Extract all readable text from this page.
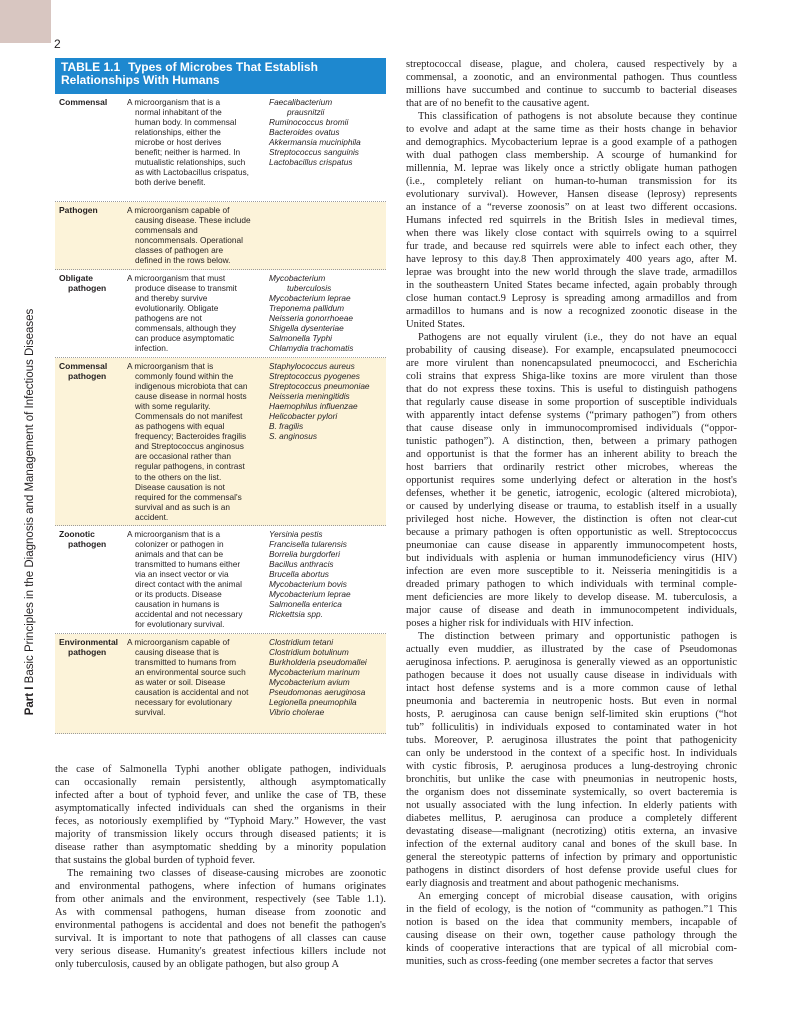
2
Part I Basic Principles in the Diagnosis and Management of Infectious Diseases
TABLE 1.1 Types of Microbes That Establish
Relationships With Humans
Commensal	A microorganism that is a
normal inhabitant of the
human body. In commensal
relationships, either the
microbe or host derives
benefit; neither is harmed. In
mutualistic relationships, such
as with Lactobacillus crispatus,
both derive benefit.
Faecalibacterium
prausnitzii
Ruminococcus bromii
Bacteroides ovatus
Akkermansia muciniphila
Streptococcus sanguinis
Lactobacillus crispatus
Pathogen	A microorganism capable of
causing disease. These include
commensals and
noncommensals. Operational
classes of pathogen are
defined in the rows below.
Obligate
pathogen
A microorganism that must
produce disease to transmit
and thereby survive
evolutionarily. Obligate
pathogens are not
commensals, although they
can produce asymptomatic
infection.
Mycobacterium
tuberculosis
Mycobacterium leprae
Treponema pallidum
Neisseria gonorrhoeae
Shigella dysenteriae
Salmonella Typhi
Chlamydia trachomatis
Commensal
pathogen
A microorganism that is
commonly found within the
indigenous microbiota that can
cause disease in normal hosts
with some regularity.
Commensals do not manifest
as pathogens with equal
frequency; Bacteroides fragilis
and Streptococcus anginosus
are occasional rather than
regular pathogens, in contrast
to the others on the list.
Disease causation is not
required for the commensal's
survival and as such is an
accident.
Staphylococcus aureus
Streptococcus pyogenes
Streptococcus pneumoniae
Neisseria meningitidis
Haemophilus influenzae
Helicobacter pylori
B. fragilis
S. anginosus
Zoonotic
pathogen
A microorganism that is a
colonizer or pathogen in
animals and that can be
transmitted to humans either
via an insect vector or via
direct contact with the animal
or its products. Disease
causation in humans is
accidental and not necessary
for evolutionary survival.
Yersinia pestis
Francisella tularensis
Borrelia burgdorferi
Bacillus anthracis
Brucella abortus
Mycobacterium bovis
Mycobacterium leprae
Salmonella enterica
Rickettsia spp.
Environmental
pathogen
A microorganism capable of
causing disease that is
transmitted to humans from
an environmental source such
as water or soil. Disease
causation is accidental and not
necessary for evolutionary
survival.
Clostridium tetani
Clostridium botulinum
Burkholderia pseudomallei
Mycobacterium marinum
Mycobacterium avium
Pseudomonas aeruginosa
Legionella pneumophila
Vibrio cholerae
the case of Salmonella Typhi another obligate pathogen, individuals
can occasionally remain persistently, although asymptomatically
infected after a bout of typhoid fever, and unlike the case of TB, these
asymptomatically infected individuals can shed the organisms in their
feces, as notoriously exemplified by “Typhoid Mary.” However, the vast
majority of transmission likely occurs through diseased patients; it is
disease rather than asymptomatic shedding by a minority population
that sustains the global burden of typhoid fever.
The remaining two classes of disease-causing microbes are zoonotic
and environmental pathogens, where infection of humans originates
from other animals and the environment, respectively (see Table 1.1).
As with commensal pathogens, human disease from zoonotic and
environmental pathogens is accidental and does not benefit the pathogen's
survival. It is important to note that pathogens of all classes can cause
very serious disease. Humanity's greatest infectious killers include not
only tuberculosis, caused by an obligate pathogen, but also group A
streptococcal disease, plague, and cholera, caused respectively by a
commensal, a zoonotic, and an environmental pathogen. Thus countless
millions have succumbed and continue to succumb to bacterial diseases
that are of no benefit to the causative agent.
This classification of pathogens is not absolute because they continue
to evolve and adapt at the same time as their hosts change in behavior
and demographics. Mycobacterium leprae is a good example of a pathogen
with dual pathogen class membership. A scourge of humankind for
millennia, M. leprae was likely once a strictly obligate human pathogen
(i.e., completely reliant on human-to-human transmission for its
evolutionary survival). However, Hansen disease (leprosy) represents
an instance of a “reverse zoonosis” on at least two different occasions.
Humans infected red squirrels in the British Isles in medieval times,
when there was likely close contact with squirrels owing to a squirrel
fur trade, and because red squirrels were able to infect each other, they
have leprosy to this day.8 Then approximately 400 years ago, after M.
leprae was brought into the new world through the slave trade, armadillos
in the southeastern United States became infected, again probably through
close human contact.9 Leprosy is spreading among armadillos and from
armadillos to humans and is now a recognized zoonotic disease in the
United States.
Pathogens are not equally virulent (i.e., they do not have an equal
probability of causing disease). For example, encapsulated pneumococci
are more virulent than nonencapsulated pneumococci, and Escherichia
coli strains that express Shiga-like toxins are more virulent than those
that do not express these toxins. This is useful to distinguish pathogens
that regularly cause disease in some proportion of susceptible individuals
with apparently intact defense systems (“primary pathogen”) from others
that cause disease only in immunocompromised individuals (“oppor-
tunistic pathogen”). A distinction, then, between a primary pathogen
and opportunist is that the former has an inherent ability to breach the
host barriers that ordinarily restrict other microbes, whereas the
opportunist requires some underlying defect or alteration in the host's
defenses, whether it be genetic, iatrogenic, ecologic (altered microbiota),
or caused by underlying disease or trauma, to establish itself in a usually
privileged host niche. However, the distinction is often not clear-cut
because a primary pathogen is often opportunistic as well. Streptococcus
pneumoniae can cause disease in apparently immunocompetent hosts,
but individuals with asplenia or human immunodeficiency virus (HIV)
infection are even more susceptible to it. Neisseria meningitidis is a
dreaded primary pathogen to which individuals with terminal comple-
ment deficiencies are more likely to develop disease. M. tuberculosis, a
major cause of disease and death in immunocompetent individuals,
poses a higher risk for individuals with HIV infection.
The distinction between primary and opportunistic pathogen is
actually even muddier, as illustrated by the case of Pseudomonas
aeruginosa infections. P. aeruginosa is generally viewed as an opportunistic
pathogen because it does not usually cause disease in individuals with
intact host defense systems and is a more common cause of lethal
pneumonia and bacteremia in neutropenic hosts. But even in normal
hosts, P. aeruginosa can cause benign self-limited skin eruptions (“hot
tub” folliculitis) in individuals exposed to contaminated water in hot
tubs. Moreover, P. aeruginosa illustrates the point that pathogenicity
can only be understood in the context of a specific host. In individuals
with cystic fibrosis, P. aeruginosa produces a lung-destroying chronic
bronchitis, but unlike the case with pneumonias in neutropenic hosts,
the organism does not disseminate systemically, so overt bacteremia is
not usually associated with the lung infection. In elderly patients with
diabetes mellitus, P. aeruginosa can produce a completely different
devastating disease—malignant (necrotizing) otitis externa, an invasive
infection of the external auditory canal and bones of the skull base. In
general the stereotypic patterns of infection by primary and opportunistic
pathogens in distinct disorders of host defense provide useful clues for
early diagnosis and treatment and about pathogenic mechanisms.
An emerging concept of microbial disease causation, with origins
in the field of ecology, is the notion of “community as pathogen.”1 This
notion is based on the idea that community members, incapable of
causing disease on their own, together cause pathology through the
kinds of cooperative interactions that are typical of all microbial com-
munities, such as cross-feeding (one member secretes a factor that serves
